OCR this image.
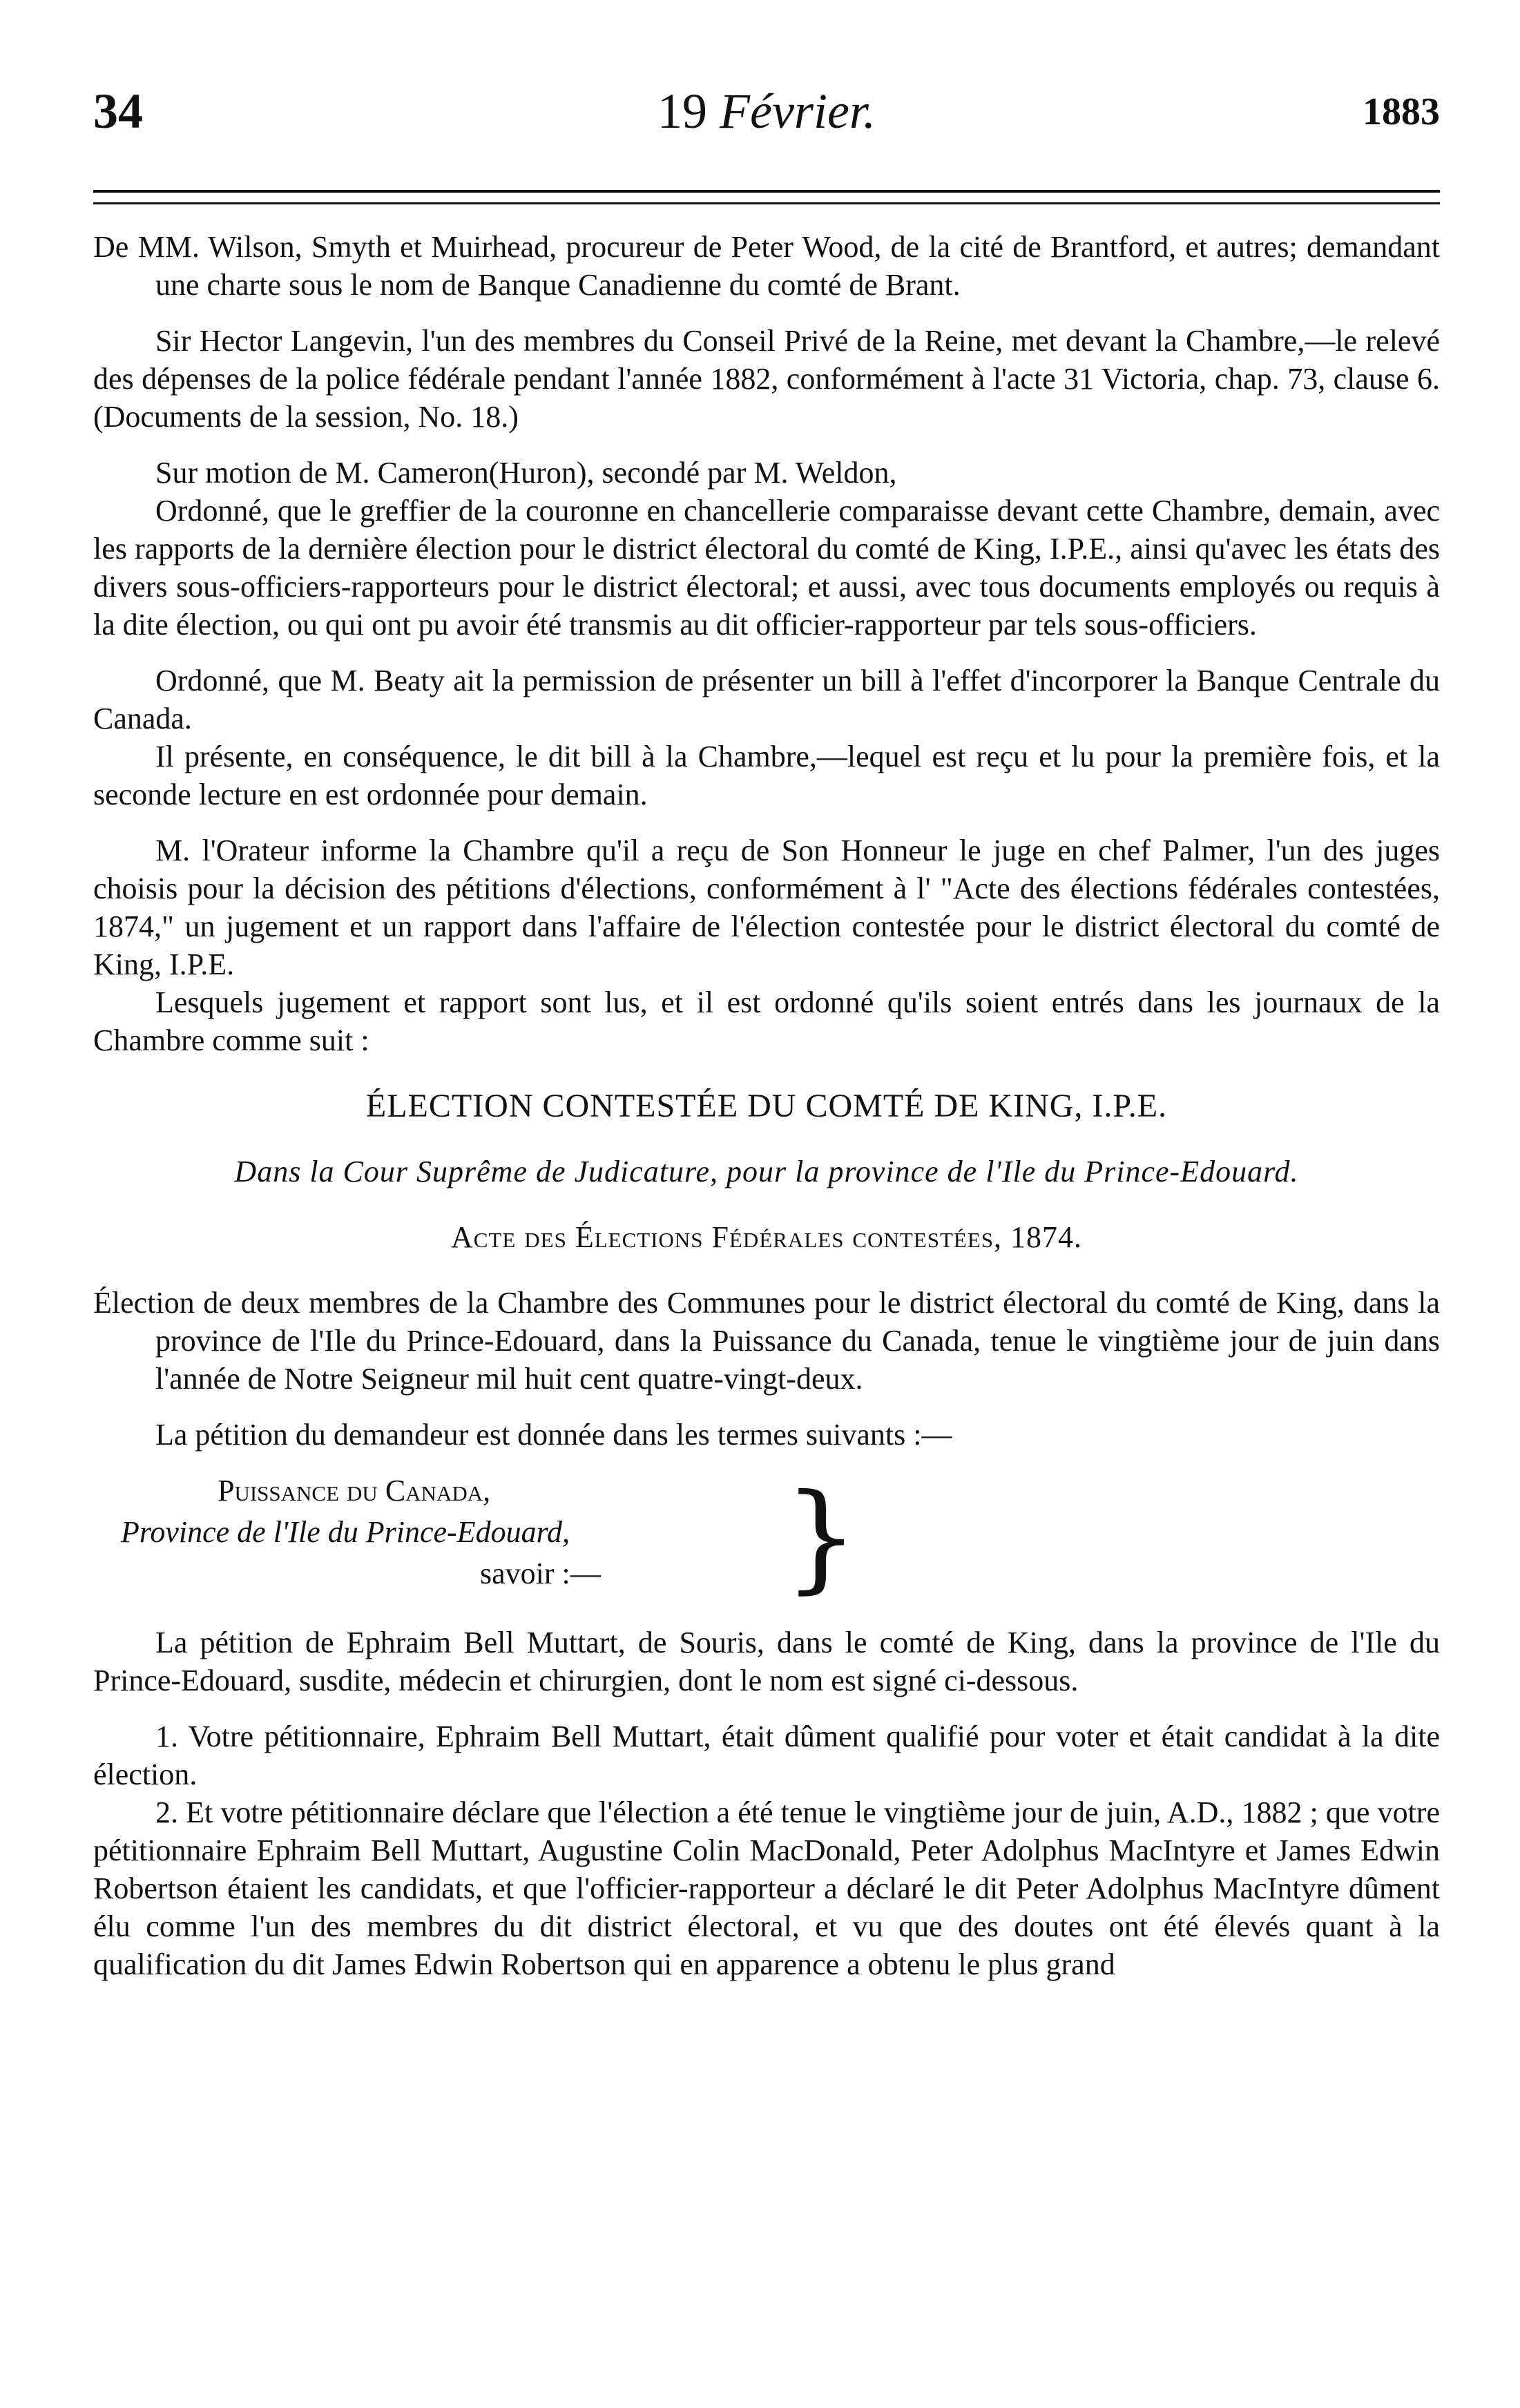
34	19 Février.	1883

De MM. Wilson, Smyth et Muirhead, procureur de Peter Wood, de la cité de Brantford, et autres; demandant une charte sous le nom de Banque Canadienne du comté de Brant.

Sir Hector Langevin, l'un des membres du Conseil Privé de la Reine, met devant la Chambre,—le relevé des dépenses de la police fédérale pendant l'année 1882, conformément à l'acte 31 Victoria, chap. 73, clause 6. (Documents de la session, No. 18.)

Sur motion de M. Cameron(Huron), secondé par M. Weldon,

Ordonné, que le greffier de la couronne en chancellerie comparaisse devant cette Chambre, demain, avec les rapports de la dernière élection pour le district électoral du comté de King, I.P.E., ainsi qu'avec les états des divers sous-officiers-rapporteurs pour le district électoral; et aussi, avec tous documents employés ou requis à la dite élection, ou qui ont pu avoir été transmis au dit officier-rapporteur par tels sous-officiers.

Ordonné, que M. Beaty ait la permission de présenter un bill à l'effet d'incorporer la Banque Centrale du Canada.

Il présente, en conséquence, le dit bill à la Chambre,—lequel est reçu et lu pour la première fois, et la seconde lecture en est ordonnée pour demain.

M. l'Orateur informe la Chambre qu'il a reçu de Son Honneur le juge en chef Palmer, l'un des juges choisis pour la décision des pétitions d'élections, conformément à l' "Acte des élections fédérales contestées, 1874," un jugement et un rapport dans l'affaire de l'élection contestée pour le district électoral du comté de King, I.P.E.

Lesquels jugement et rapport sont lus, et il est ordonné qu'ils soient entrés dans les journaux de la Chambre comme suit :

ÉLECTION CONTESTÉE DU COMTÉ DE KING, I.P.E.

Dans la Cour Suprême de Judicature, pour la province de l'Ile du Prince-Edouard.

Acte des Élections Fédérales contestées, 1874.

Élection de deux membres de la Chambre des Communes pour le district électoral du comté de King, dans la province de l'Ile du Prince-Edouard, dans la Puissance du Canada, tenue le vingtième jour de juin dans l'année de Notre Seigneur mil huit cent quatre-vingt-deux.

La pétition du demandeur est donnée dans les termes suivants :—

Puissance du Canada,
Province de l'Ile du Prince-Edouard,
savoir :— }

La pétition de Ephraim Bell Muttart, de Souris, dans le comté de King, dans la province de l'Ile du Prince-Edouard, susdite, médecin et chirurgien, dont le nom est signé ci-dessous.

1. Votre pétitionnaire, Ephraim Bell Muttart, était dûment qualifié pour voter et était candidat à la dite élection.

2. Et votre pétitionnaire déclare que l'élection a été tenue le vingtième jour de juin, A.D., 1882 ; que votre pétitionnaire Ephraim Bell Muttart, Augustine Colin MacDonald, Peter Adolphus MacIntyre et James Edwin Robertson étaient les candidats, et que l'officier-rapporteur a déclaré le dit Peter Adolphus MacIntyre dûment élu comme l'un des membres du dit district électoral, et vu que des doutes ont été élevés quant à la qualification du dit James Edwin Robertson qui en apparence a obtenu le plus grand
